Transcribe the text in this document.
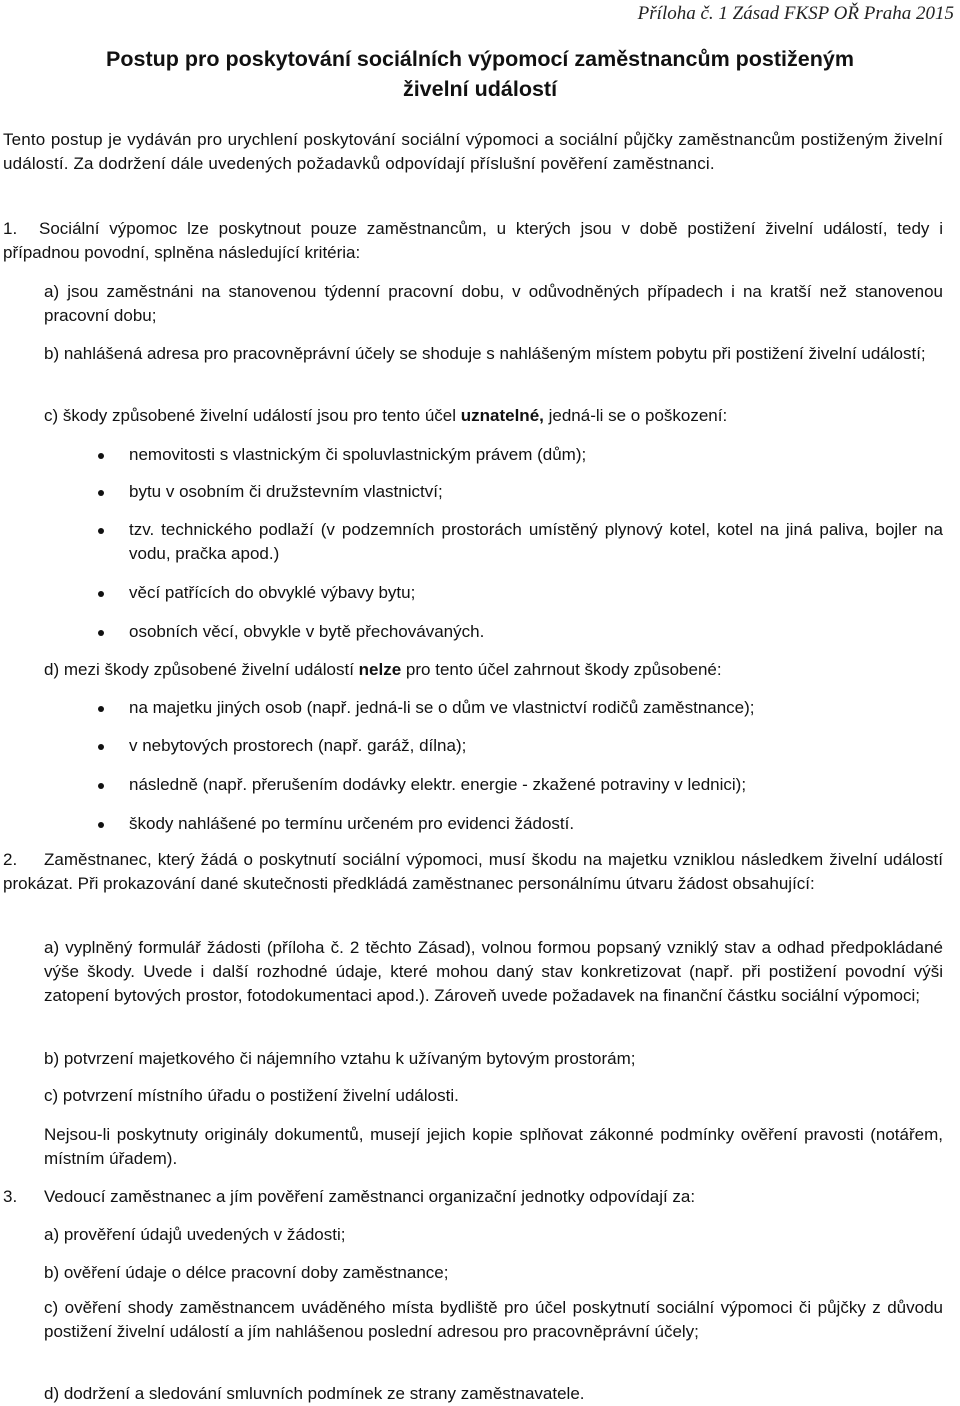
Příloha č. 1 Zásad FKSP OŘ Praha 2015
Postup pro poskytování sociálních výpomocí zaměstnancům postiženým
živelní událostí

Tento postup je vydáván pro urychlení poskytování sociální výpomoci a sociální půjčky zaměstnancům postiženým živelní událostí. Za dodržení dále uvedených požadavků odpovídají příslušní pověření zaměstnanci.

1.	Sociální výpomoc lze poskytnout pouze zaměstnancům, u kterých jsou v době postižení živelní událostí, tedy i případnou povodní, splněna následující kritéria:

a) jsou zaměstnáni na stanovenou týdenní pracovní dobu, v odůvodněných případech i na kratší než stanovenou pracovní dobu;

b) nahlášená adresa pro pracovněprávní účely se shoduje s nahlášeným místem pobytu při postižení živelní událostí;

c) škody způsobené živelní událostí jsou pro tento účel uznatelné, jedná-li se o poškození:

nemovitosti s vlastnickým či spoluvlastnickým právem (dům);

bytu v osobním či družstevním vlastnictví;

tzv. technického podlaží (v podzemních prostorách umístěný plynový kotel, kotel na jiná paliva, bojler na vodu, pračka apod.)

věcí patřících do obvyklé výbavy bytu;

osobních věcí, obvykle v bytě přechovávaných.

d) mezi škody způsobené živelní událostí nelze pro tento účel zahrnout škody způsobené:

na majetku jiných osob (např. jedná-li se o dům ve vlastnictví rodičů zaměstnance);

v nebytových prostorech (např. garáž, dílna);

následně (např. přerušením dodávky elektr. energie - zkažené potraviny v lednici);

škody nahlášené po termínu určeném pro evidenci žádostí.

2.	Zaměstnanec, který žádá o poskytnutí sociální výpomoci, musí škodu na majetku vzniklou následkem živelní událostí prokázat. Při prokazování dané skutečnosti předkládá zaměstnanec personálnímu útvaru žádost obsahující:

a) vyplněný formulář žádosti (příloha č. 2 těchto Zásad), volnou formou popsaný vzniklý stav a odhad předpokládané výše škody. Uvede i další rozhodné údaje, které mohou daný stav konkretizovat (např. při postižení povodní výši zatopení bytových prostor, fotodokumentaci apod.). Zároveň uvede požadavek na finanční částku sociální výpomoci;

b) potvrzení majetkového či nájemního vztahu k užívaným bytovým prostorám;

c) potvrzení místního úřadu o postižení živelní události.

Nejsou-li poskytnuty originály dokumentů, musejí jejich kopie splňovat zákonné podmínky ověření pravosti (notářem, místním úřadem).

3. Vedoucí zaměstnanec a jím pověření zaměstnanci organizační jednotky odpovídají za:

a) prověření údajů uvedených v žádosti;

b) ověření údaje o délce pracovní doby zaměstnance;

c) ověření shody zaměstnancem uváděného místa bydliště pro účel poskytnutí sociální výpomoci či půjčky z důvodu postižení živelní událostí a jím nahlášenou poslední adresou pro pracovněprávní účely;

d) dodržení a sledování smluvních podmínek ze strany zaměstnavatele.
